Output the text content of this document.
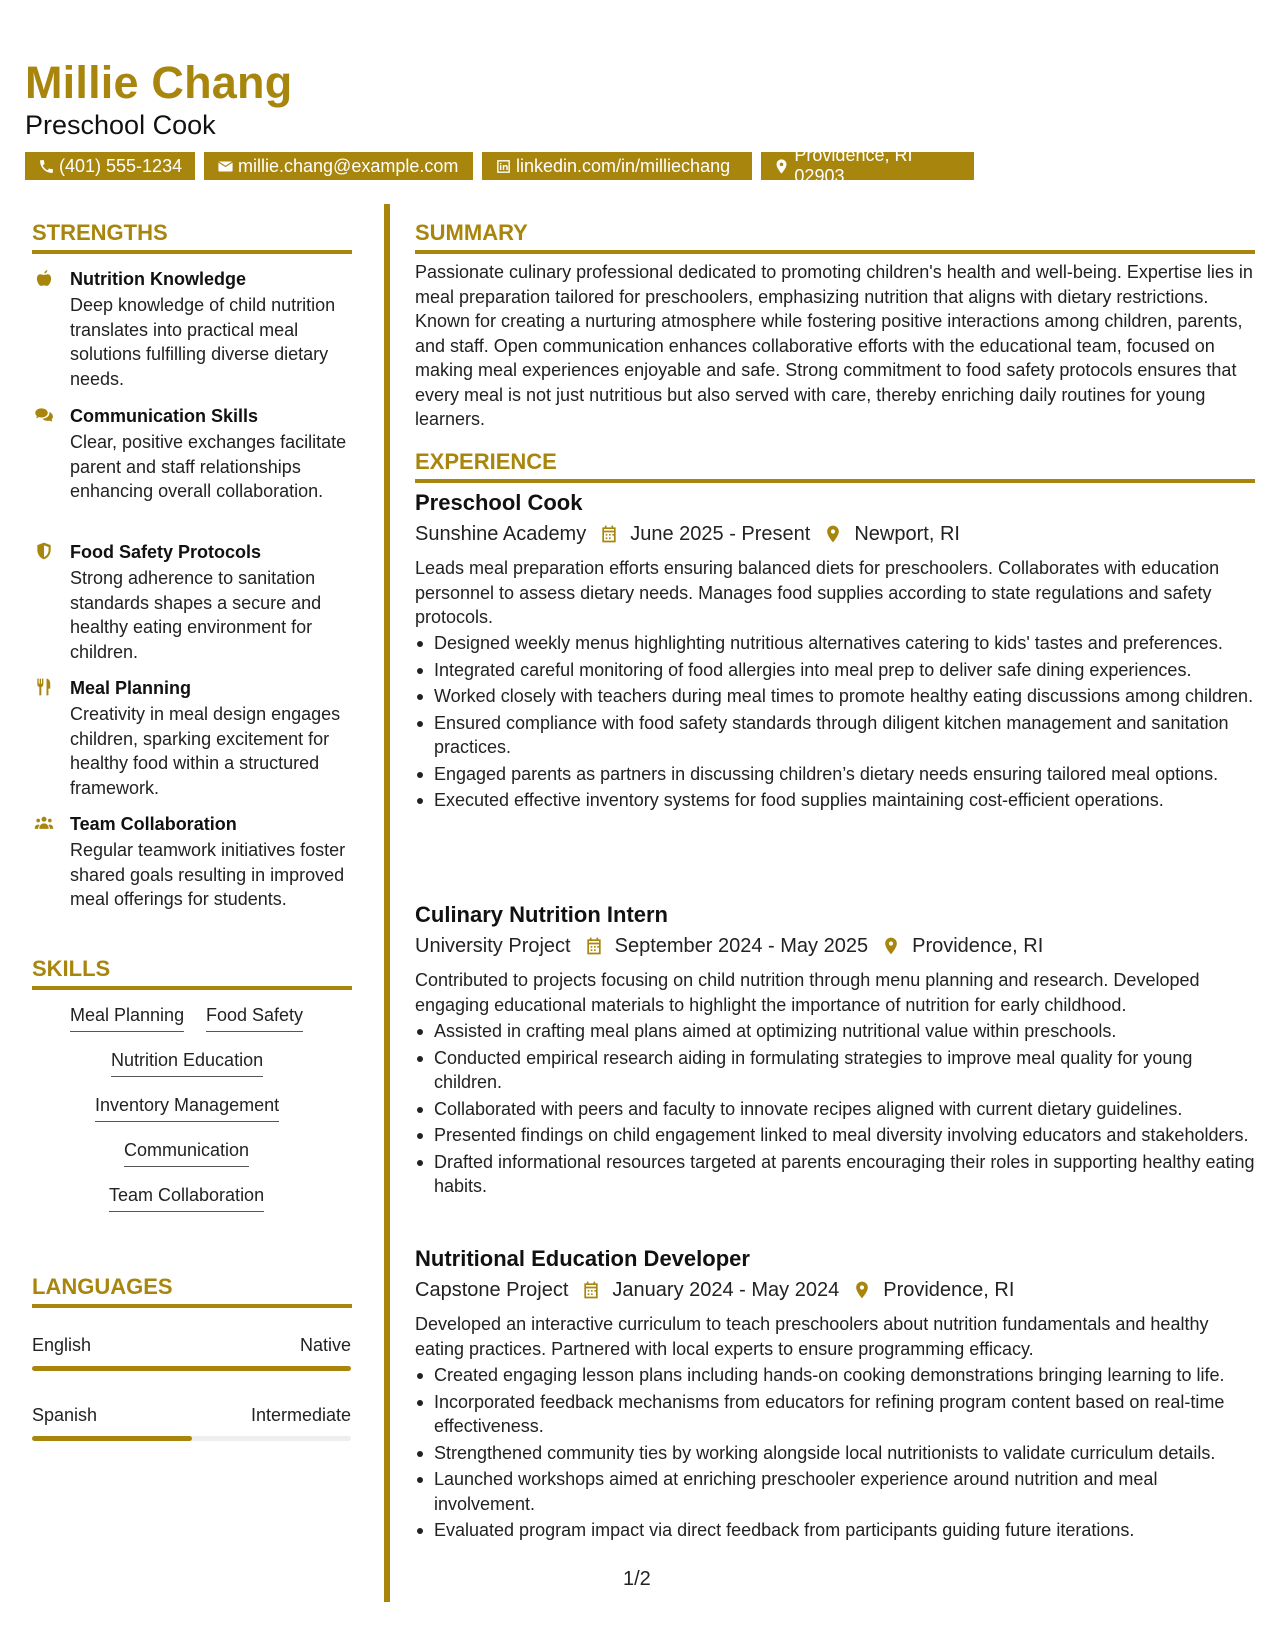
Millie Chang
Preschool Cook
(401) 555-1234	millie.chang@example.com	linkedin.com/in/milliechang
Providence, RI 02903
STRENGTHS
Nutrition Knowledge
Deep knowledge of child nutrition translates into practical meal solutions fulfilling diverse dietary needs.
Communication Skills
Clear, positive exchanges facilitate parent and staff relationships enhancing overall collaboration.
Food Safety Protocols
Strong adherence to sanitation standards shapes a secure and healthy eating environment for children.
Meal Planning
Creativity in meal design engages children, sparking excitement for healthy food within a structured framework.
Team Collaboration
Regular teamwork initiatives foster shared goals resulting in improved meal offerings for students.
SKILLS
Meal Planning Food Safety
Nutrition Education
Inventory Management
Communication
Team Collaboration
LANGUAGES
English	Native
Spanish	Intermediate
SUMMARY
Passionate culinary professional dedicated to promoting children's health and well-being. Expertise lies in meal preparation tailored for preschoolers, emphasizing nutrition that aligns with dietary restrictions. Known for creating a nurturing atmosphere while fostering positive interactions among children, parents, and staff. Open communication enhances collaborative efforts with the educational team, focused on making meal experiences enjoyable and safe. Strong commitment to food safety protocols ensures that every meal is not just nutritious but also served with care, thereby enriching daily routines for young learners.
EXPERIENCE
Preschool Cook
Sunshine Academy June 2025 - Present Newport, RI
Leads meal preparation efforts ensuring balanced diets for preschoolers. Collaborates with education personnel to assess dietary needs. Manages food supplies according to state regulations and safety protocols.
Designed weekly menus highlighting nutritious alternatives catering to kids' tastes and preferences.
Integrated careful monitoring of food allergies into meal prep to deliver safe dining experiences.
Worked closely with teachers during meal times to promote healthy eating discussions among children.
Ensured compliance with food safety standards through diligent kitchen management and sanitation practices.
Engaged parents as partners in discussing children’s dietary needs ensuring tailored meal options.
Executed effective inventory systems for food supplies maintaining cost-efficient operations.
Culinary Nutrition Intern
University Project September 2024 - May 2025 Providence, RI
Contributed to projects focusing on child nutrition through menu planning and research. Developed engaging educational materials to highlight the importance of nutrition for early childhood.
Assisted in crafting meal plans aimed at optimizing nutritional value within preschools.
Conducted empirical research aiding in formulating strategies to improve meal quality for young children.
Collaborated with peers and faculty to innovate recipes aligned with current dietary guidelines.
Presented findings on child engagement linked to meal diversity involving educators and stakeholders.
Drafted informational resources targeted at parents encouraging their roles in supporting healthy eating habits.
Nutritional Education Developer
Capstone Project January 2024 - May 2024 Providence, RI
Developed an interactive curriculum to teach preschoolers about nutrition fundamentals and healthy eating practices. Partnered with local experts to ensure programming efficacy.
Created engaging lesson plans including hands-on cooking demonstrations bringing learning to life.
Incorporated feedback mechanisms from educators for refining program content based on real-time effectiveness.
Strengthened community ties by working alongside local nutritionists to validate curriculum details.
Launched workshops aimed at enriching preschooler experience around nutrition and meal involvement.
Evaluated program impact via direct feedback from participants guiding future iterations.
1/2
